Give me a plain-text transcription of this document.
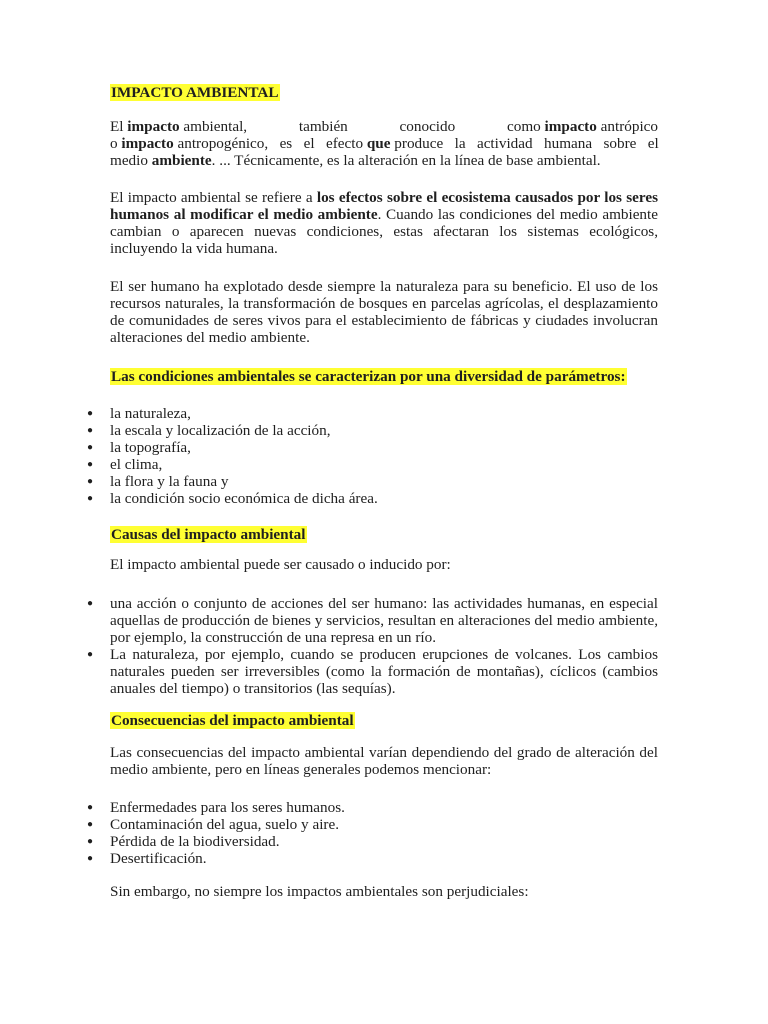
IMPACTO AMBIENTAL

El impacto ambiental,	también	conocido	como impacto antrópico
o impacto antropogénico,   es   el   efecto que produce   la   actividad   humana   sobre   el
medio ambiente. ... Técnicamente, es la alteración en la línea de base ambiental.

El impacto ambiental se refiere a los efectos sobre el ecosistema causados por los seres humanos al modificar el medio ambiente. Cuando las condiciones del medio ambiente cambian o aparecen nuevas condiciones, estas afectaran los sistemas ecológicos, incluyendo la vida humana.

El ser humano ha explotado desde siempre la naturaleza para su beneficio. El uso de los recursos naturales, la transformación de bosques en parcelas agrícolas, el desplazamiento de comunidades de seres vivos para el establecimiento de fábricas y ciudades involucran alteraciones del medio ambiente.

Las condiciones ambientales se caracterizan por una diversidad de parámetros:

● la naturaleza,
● la escala y localización de la acción,
● la topografía,
● el clima,
● la flora y la fauna y
● la condición socio económica de dicha área.

Causas del impacto ambiental

El impacto ambiental puede ser causado o inducido por:

● una acción o conjunto de acciones del ser humano: las actividades humanas, en especial aquellas de producción de bienes y servicios, resultan en alteraciones del medio ambiente, por ejemplo, la construcción de una represa en un río.
● La naturaleza, por ejemplo, cuando se producen erupciones de volcanes. Los cambios naturales pueden ser irreversibles (como la formación de montañas), cíclicos (cambios anuales del tiempo) o transitorios (las sequías).

Consecuencias del impacto ambiental

Las consecuencias del impacto ambiental varían dependiendo del grado de alteración del medio ambiente, pero en líneas generales podemos mencionar:

● Enfermedades para los seres humanos.
● Contaminación del agua, suelo y aire.
● Pérdida de la biodiversidad.
● Desertificación.

Sin embargo, no siempre los impactos ambientales son perjudiciales:
